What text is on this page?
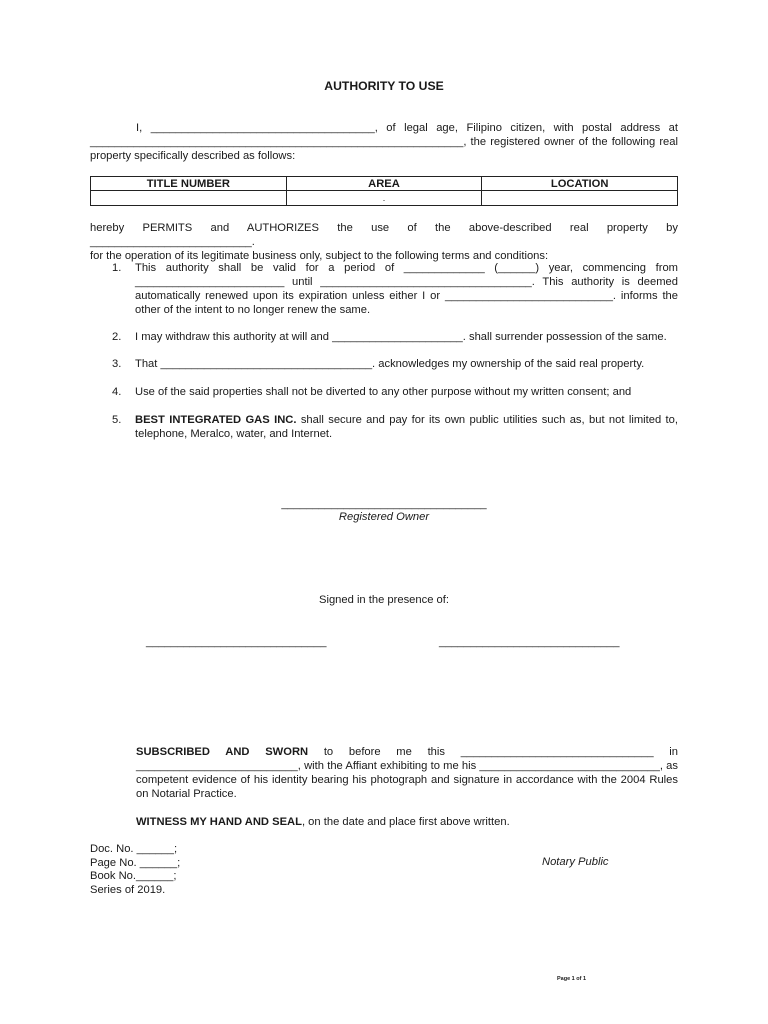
AUTHORITY TO USE
I, ____________________________________, of legal age, Filipino citizen, with postal address at
____________________________________________________________, the registered owner of the following real
property specifically described as follows:
TITLE NUMBER	AREA	LOCATION
	.	
hereby PERMITS and AUTHORIZES the use of the above-described real property by __________________________.
for the operation of its legitimate business only, subject to the following terms and conditions:
1.	This authority shall be valid for a period of _____________ (______) year, commencing from ________________________ until __________________________________. This authority is deemed automatically renewed upon its expiration unless either I or ___________________________. informs the other of the intent to no longer renew the same.
2.	I may withdraw this authority at will and _____________________. shall surrender possession of the same.
3.	That __________________________________. acknowledges my ownership of the said real property.
4.	Use of the said properties shall not be diverted to any other purpose without my written consent; and
5.	BEST INTEGRATED GAS INC. shall secure and pay for its own public utilities such as, but not limited to, telephone, Meralco, water, and Internet.
_________________________________
Registered Owner
Signed in the presence of:
_____________________________	_____________________________
SUBSCRIBED AND SWORN to before me this _______________________________ in __________________________, with the Affiant exhibiting to me his _____________________________, as competent evidence of his identity bearing his photograph and signature in accordance with the 2004 Rules on Notarial Practice.
WITNESS MY HAND AND SEAL, on the date and place first above written.
Doc. No. ______;
Page No. ______;
Book No.______;
Series of 2019.
Notary Public
Page 1 of 1
